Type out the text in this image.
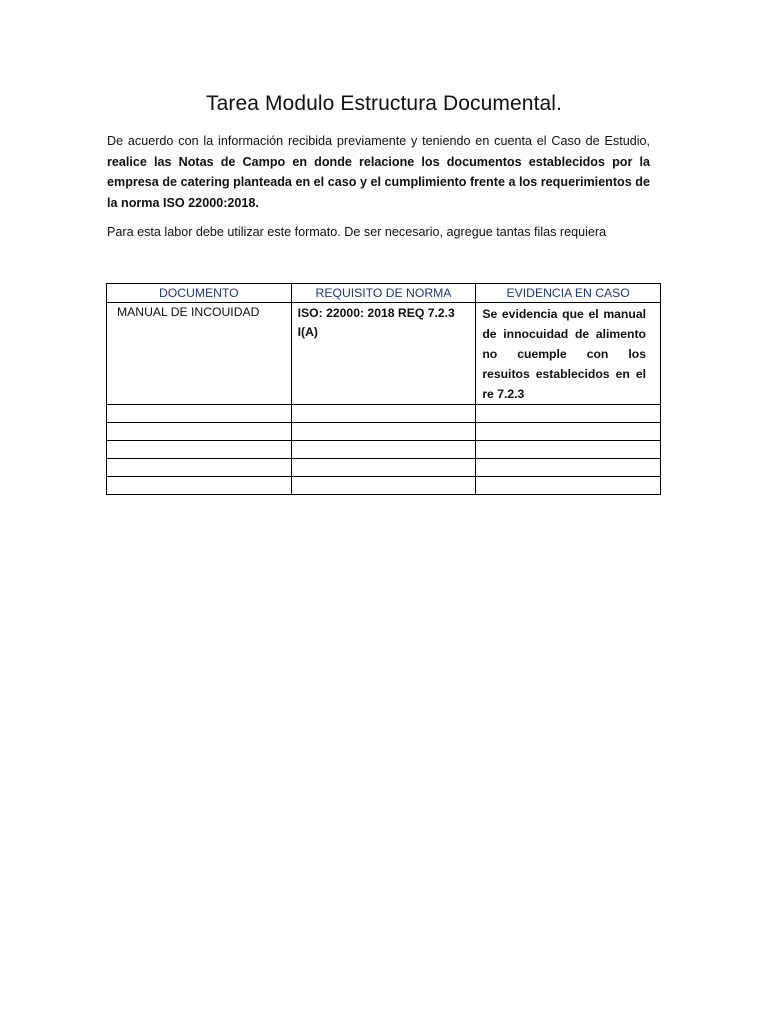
Tarea Modulo Estructura Documental.

De acuerdo con la información recibida previamente y teniendo en cuenta el Caso de Estudio, realice las Notas de Campo en donde relacione los documentos establecidos por la empresa de catering planteada en el caso y el cumplimiento frente a los requerimientos de la norma ISO 22000:2018.

Para esta labor debe utilizar este formato. De ser necesario, agregue tantas filas requiera

DOCUMENTO	REQUISITO DE NORMA	EVIDENCIA EN CASO
MANUAL DE INCOUIDAD	ISO: 22000: 2018 REQ 7.2.3 I(A)	Se evidencia que el manual de innocuidad de alimento no cuemple con los resuitos establecidos en el re 7.2.3
